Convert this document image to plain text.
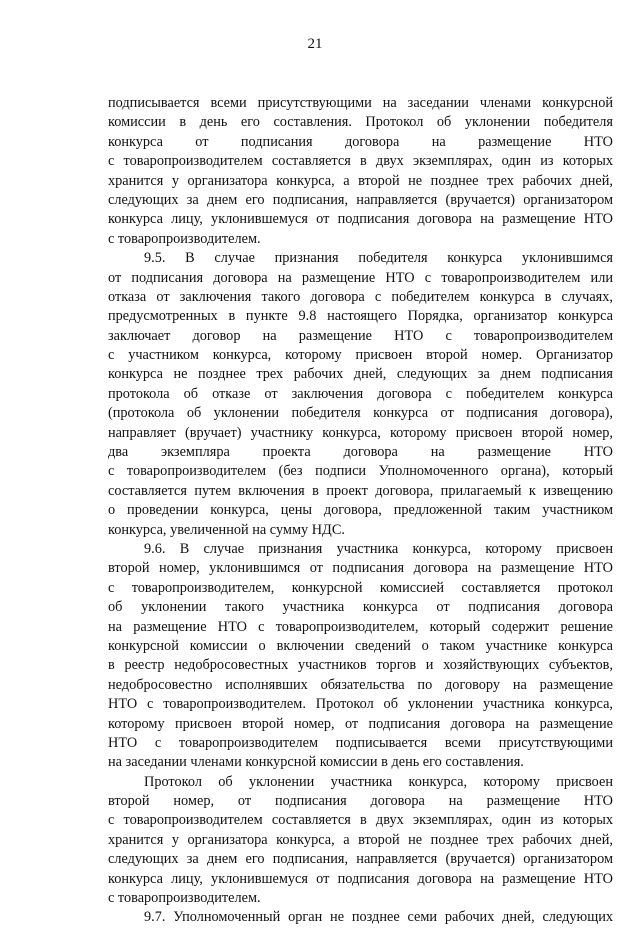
21
подписывается всеми присутствующими на заседании членами конкурсной
комиссии в день его составления. Протокол об уклонении победителя
конкурса от подписания договора на размещение НТО
с товаропроизводителем составляется в двух экземплярах, один из которых
хранится у организатора конкурса, а второй не позднее трех рабочих дней,
следующих за днем его подписания, направляется (вручается) организатором
конкурса лицу, уклонившемуся от подписания договора на размещение НТО
с товаропроизводителем.
9.5. В случае признания победителя конкурса уклонившимся
от подписания договора на размещение НТО с товаропроизводителем или
отказа от заключения такого договора с победителем конкурса в случаях,
предусмотренных в пункте 9.8 настоящего Порядка, организатор конкурса
заключает договор на размещение НТО с товаропроизводителем
с участником конкурса, которому присвоен второй номер. Организатор
конкурса не позднее трех рабочих дней, следующих за днем подписания
протокола об отказе от заключения договора с победителем конкурса
(протокола об уклонении победителя конкурса от подписания договора),
направляет (вручает) участнику конкурса, которому присвоен второй номер,
два экземпляра проекта договора на размещение НТО
с товаропроизводителем (без подписи Уполномоченного органа), который
составляется путем включения в проект договора, прилагаемый к извещению
о проведении конкурса, цены договора, предложенной таким участником
конкурса, увеличенной на сумму НДС.
9.6. В случае признания участника конкурса, которому присвоен
второй номер, уклонившимся от подписания договора на размещение НТО
с товаропроизводителем, конкурсной комиссией составляется протокол
об уклонении такого участника конкурса от подписания договора
на размещение НТО с товаропроизводителем, который содержит решение
конкурсной комиссии о включении сведений о таком участнике конкурса
в реестр недобросовестных участников торгов и хозяйствующих субъектов,
недобросовестно исполнявших обязательства по договору на размещение
НТО с товаропроизводителем. Протокол об уклонении участника конкурса,
которому присвоен второй номер, от подписания договора на размещение
НТО с товаропроизводителем подписывается всеми присутствующими
на заседании членами конкурсной комиссии в день его составления.
Протокол об уклонении участника конкурса, которому присвоен
второй номер, от подписания договора на размещение НТО
с товаропроизводителем составляется в двух экземплярах, один из которых
хранится у организатора конкурса, а второй не позднее трех рабочих дней,
следующих за днем его подписания, направляется (вручается) организатором
конкурса лицу, уклонившемуся от подписания договора на размещение НТО
с товаропроизводителем.
9.7. Уполномоченный орган не позднее семи рабочих дней, следующих
